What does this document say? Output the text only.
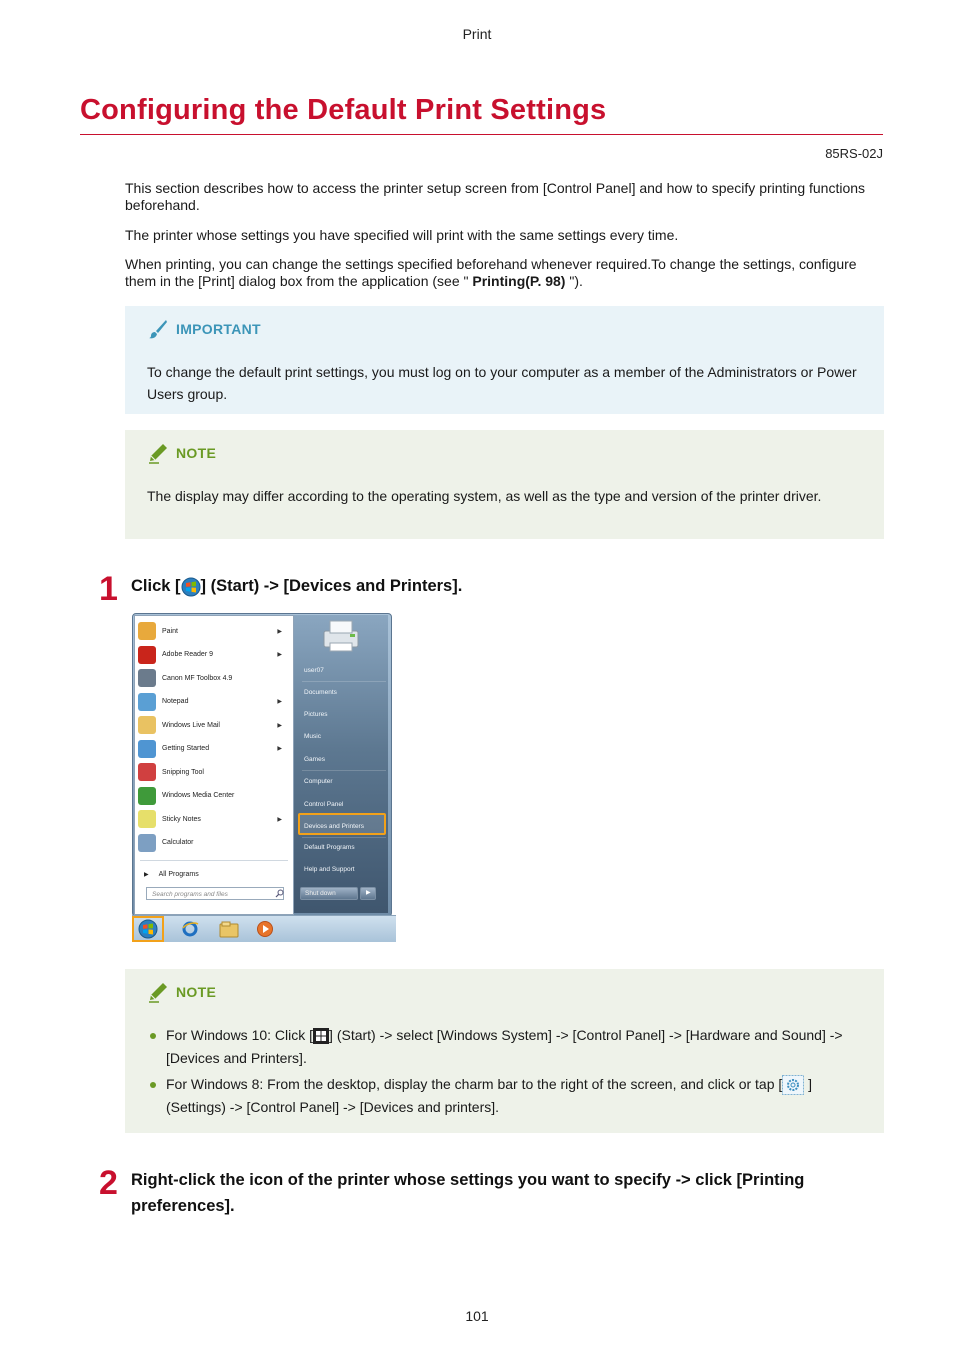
Print
Configuring the Default Print Settings
85RS-02J
This section describes how to access the printer setup screen from [Control Panel] and how to specify printing functions beforehand.
The printer whose settings you have specified will print with the same settings every time.
When printing, you can change the settings specified beforehand whenever required.To change the settings, configure them in the [Print] dialog box from the application (see " Printing(P. 98) ").
IMPORTANT
To change the default print settings, you must log on to your computer as a member of the Administrators or Power Users group.
NOTE
The display may differ according to the operating system, as well as the type and version of the printer driver.
1 Click [ ] (Start) -> [Devices and Printers].
Paint	▶
Adobe Reader 9	▶
Canon MF Toolbox 4.9
Notepad	▶
Windows Live Mail	▶
Getting Started	▶
Snipping Tool
Windows Media Center
Sticky Notes	▶
Calculator
▶ All Programs
Search programs and files
user07
Documents
Pictures
Music
Games
Computer
Control Panel
Devices and Printers
Default Programs
Help and Support
Shut down	▶
NOTE
For Windows 10: Click [ ] (Start) -> select [Windows System] -> [Control Panel] -> [Hardware and Sound] -> [Devices and Printers].
For Windows 8: From the desktop, display the charm bar to the right of the screen, and click or tap [ ] (Settings) -> [Control Panel] -> [Devices and printers].
2 Right-click the icon of the printer whose settings you want to specify -> click [Printing preferences].
101
